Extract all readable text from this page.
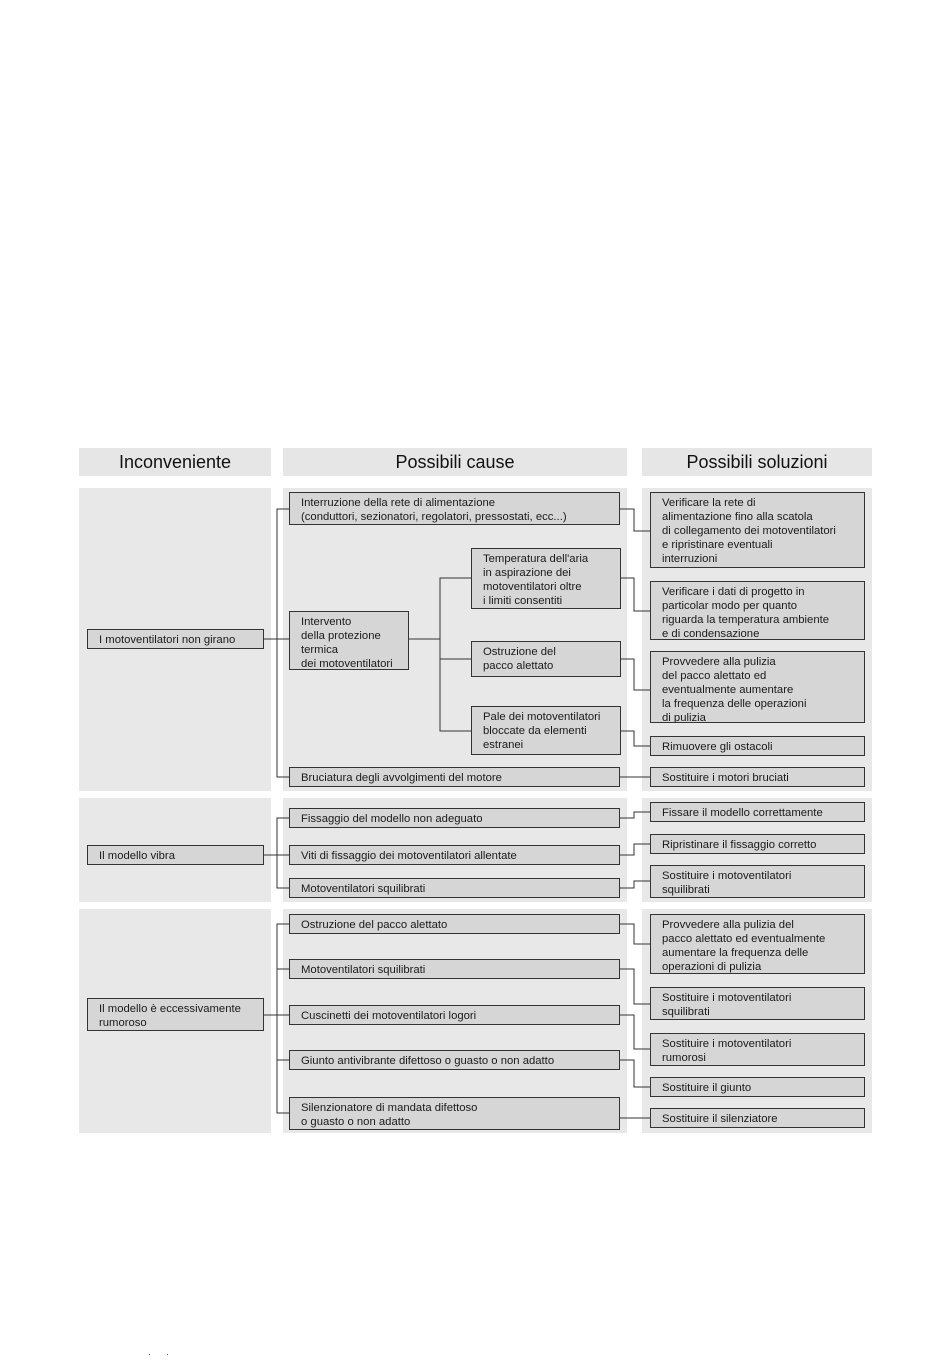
Inconveniente	Possibili cause	Possibili soluzioni
I motoventilatori non girano
Interruzione della rete di alimentazione
(conduttori, sezionatori, regolatori, pressostati, ecc...)
Intervento
della protezione
termica
dei motoventilatori
Temperatura dell'aria
in aspirazione dei
motoventilatori oltre
i limiti consentiti
Ostruzione del
pacco alettato
Pale dei motoventilatori
bloccate da elementi
estranei
Bruciatura degli avvolgimenti del motore
Verificare la rete di
alimentazione fino alla scatola
di collegamento dei motoventilatori
e ripristinare eventuali
interruzioni
Verificare i dati di progetto in
particolar modo per quanto
riguarda la temperatura ambiente
e di condensazione
Provvedere alla pulizia
del pacco alettato ed
eventualmente aumentare
la frequenza delle operazioni
di pulizia
Rimuovere gli ostacoli
Sostituire i motori bruciati
Il modello vibra
Fissaggio del modello non adeguato
Viti di fissaggio dei motoventilatori allentate
Motoventilatori squilibrati
Fissare il modello correttamente
Ripristinare il fissaggio corretto
Sostituire i motoventilatori
squilibrati
Il modello è eccessivamente
rumoroso
Ostruzione del pacco alettato
Motoventilatori squilibrati
Cuscinetti dei motoventilatori logori
Giunto antivibrante difettoso o guasto o non adatto
Silenzionatore di mandata difettoso
o guasto o non adatto
Provvedere alla pulizia del
pacco alettato ed eventualmente
aumentare la frequenza delle
operazioni di pulizia
Sostituire i motoventilatori
squilibrati
Sostituire i motoventilatori
rumorosi
Sostituire il giunto
Sostituire il silenziatore
·      ·
